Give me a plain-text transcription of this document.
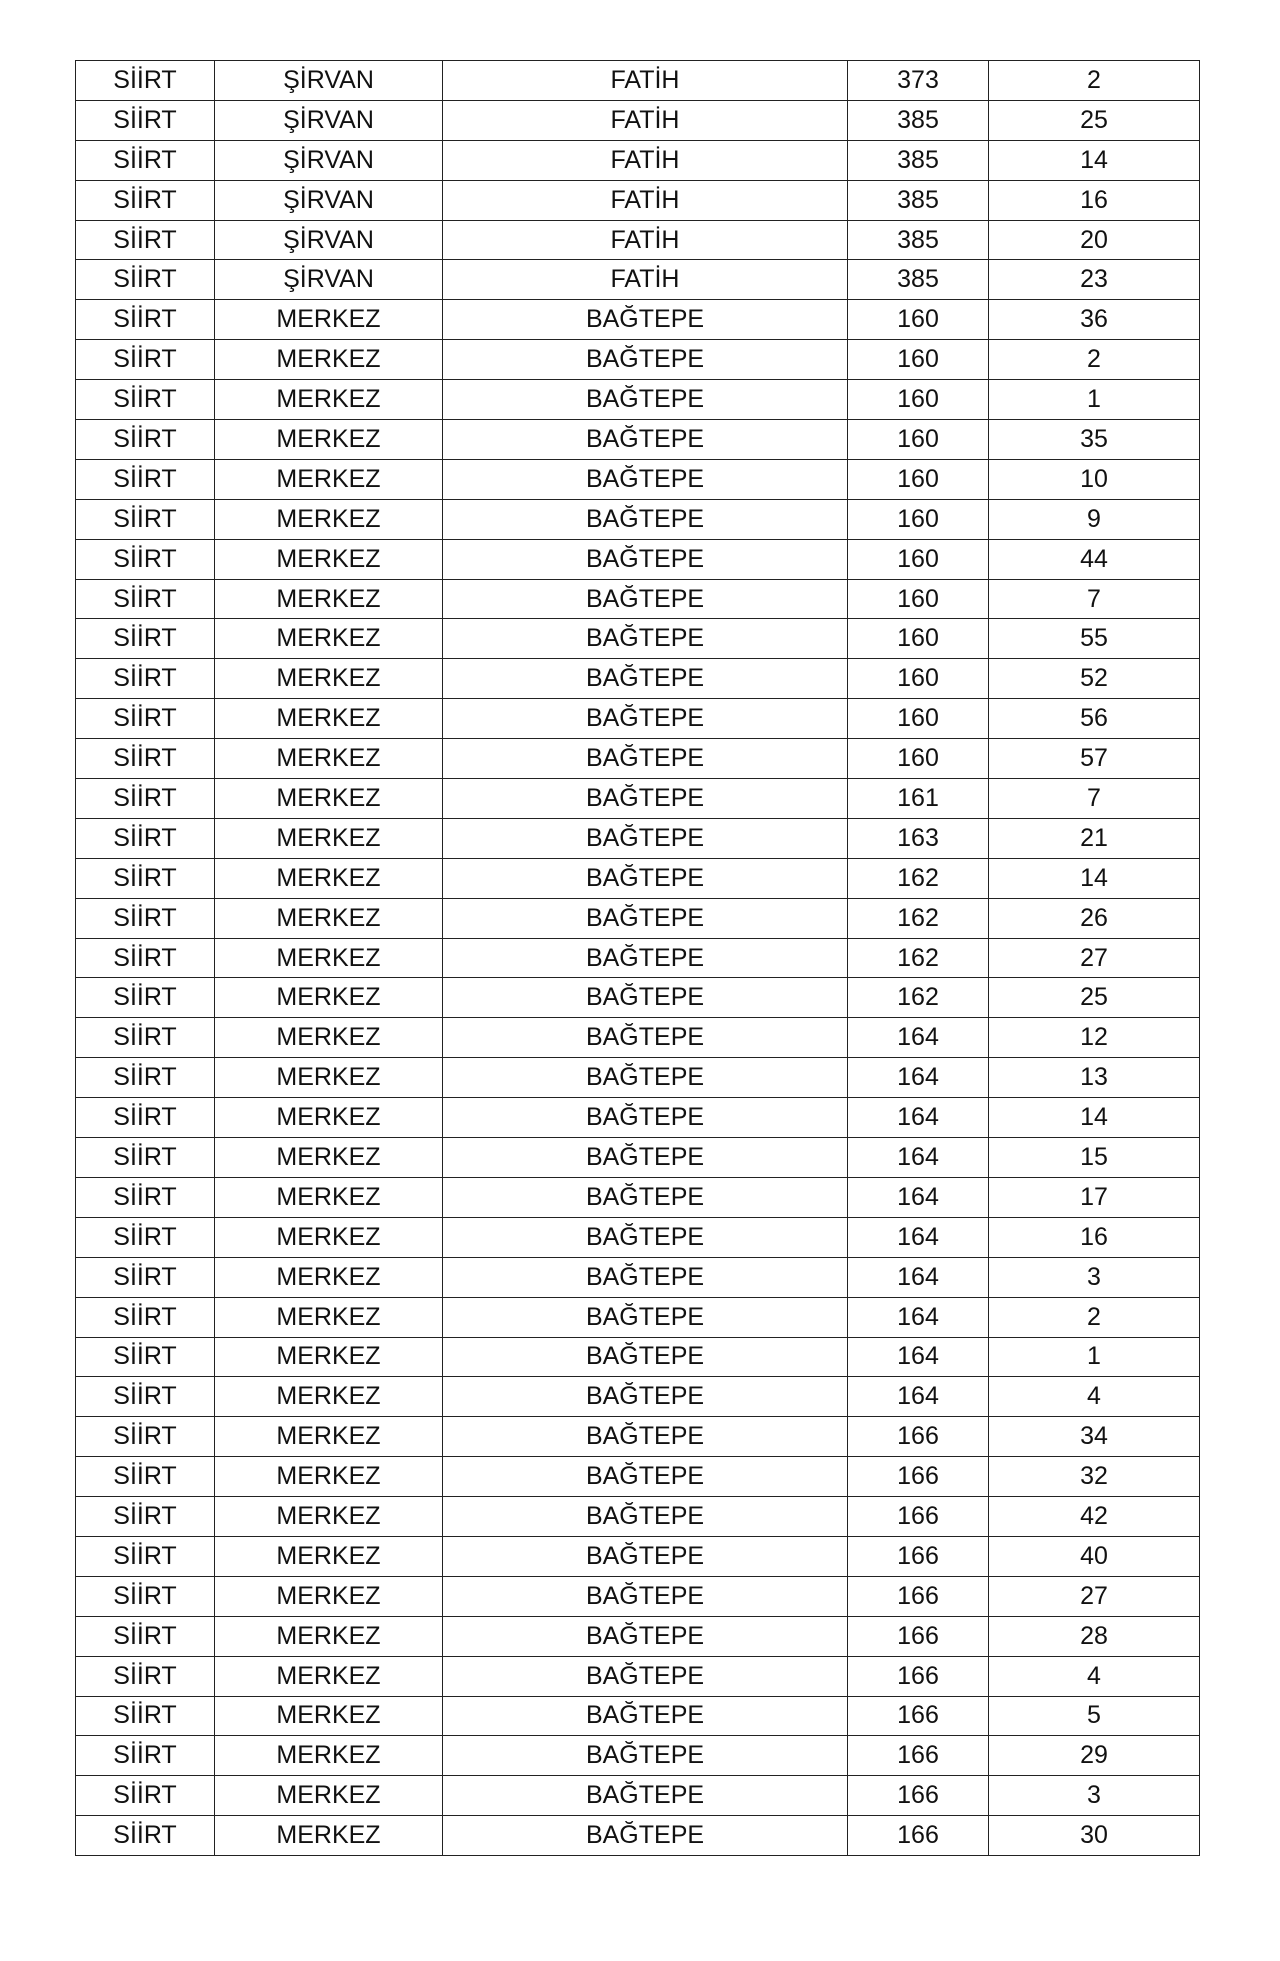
SİİRT	ŞİRVAN	FATİH	373	2
SİİRT	ŞİRVAN	FATİH	385	25
SİİRT	ŞİRVAN	FATİH	385	14
SİİRT	ŞİRVAN	FATİH	385	16
SİİRT	ŞİRVAN	FATİH	385	20
SİİRT	ŞİRVAN	FATİH	385	23
SİİRT	MERKEZ	BAĞTEPE	160	36
SİİRT	MERKEZ	BAĞTEPE	160	2
SİİRT	MERKEZ	BAĞTEPE	160	1
SİİRT	MERKEZ	BAĞTEPE	160	35
SİİRT	MERKEZ	BAĞTEPE	160	10
SİİRT	MERKEZ	BAĞTEPE	160	9
SİİRT	MERKEZ	BAĞTEPE	160	44
SİİRT	MERKEZ	BAĞTEPE	160	7
SİİRT	MERKEZ	BAĞTEPE	160	55
SİİRT	MERKEZ	BAĞTEPE	160	52
SİİRT	MERKEZ	BAĞTEPE	160	56
SİİRT	MERKEZ	BAĞTEPE	160	57
SİİRT	MERKEZ	BAĞTEPE	161	7
SİİRT	MERKEZ	BAĞTEPE	163	21
SİİRT	MERKEZ	BAĞTEPE	162	14
SİİRT	MERKEZ	BAĞTEPE	162	26
SİİRT	MERKEZ	BAĞTEPE	162	27
SİİRT	MERKEZ	BAĞTEPE	162	25
SİİRT	MERKEZ	BAĞTEPE	164	12
SİİRT	MERKEZ	BAĞTEPE	164	13
SİİRT	MERKEZ	BAĞTEPE	164	14
SİİRT	MERKEZ	BAĞTEPE	164	15
SİİRT	MERKEZ	BAĞTEPE	164	17
SİİRT	MERKEZ	BAĞTEPE	164	16
SİİRT	MERKEZ	BAĞTEPE	164	3
SİİRT	MERKEZ	BAĞTEPE	164	2
SİİRT	MERKEZ	BAĞTEPE	164	1
SİİRT	MERKEZ	BAĞTEPE	164	4
SİİRT	MERKEZ	BAĞTEPE	166	34
SİİRT	MERKEZ	BAĞTEPE	166	32
SİİRT	MERKEZ	BAĞTEPE	166	42
SİİRT	MERKEZ	BAĞTEPE	166	40
SİİRT	MERKEZ	BAĞTEPE	166	27
SİİRT	MERKEZ	BAĞTEPE	166	28
SİİRT	MERKEZ	BAĞTEPE	166	4
SİİRT	MERKEZ	BAĞTEPE	166	5
SİİRT	MERKEZ	BAĞTEPE	166	29
SİİRT	MERKEZ	BAĞTEPE	166	3
SİİRT	MERKEZ	BAĞTEPE	166	30
